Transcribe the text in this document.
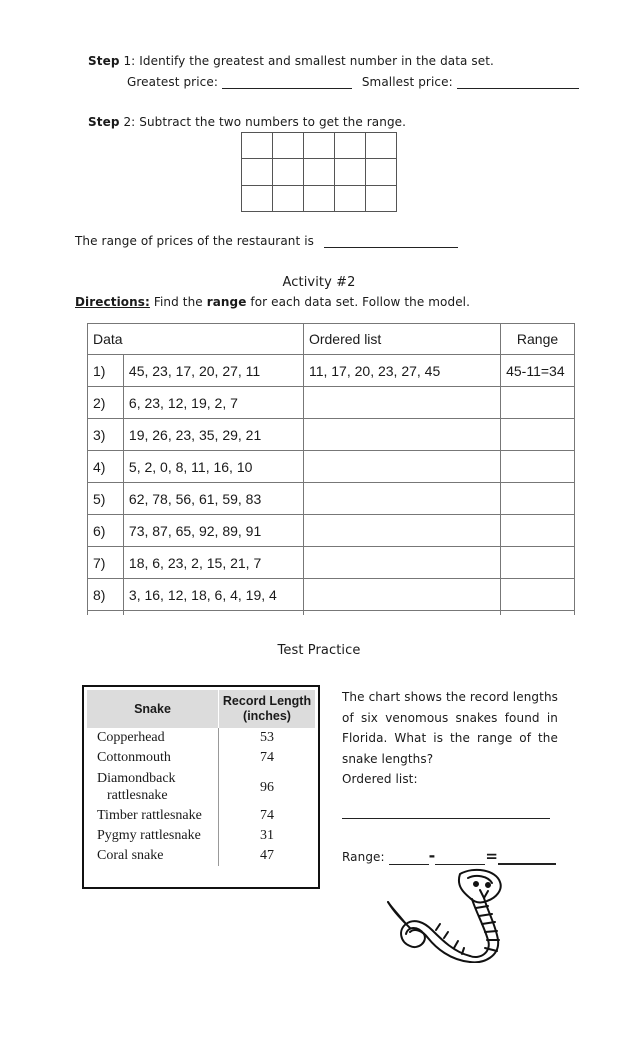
Step 1: Identify the greatest and smallest number in the data set.
Greatest price:	Smallest price:
Step 2: Subtract the two numbers to get the range.

The range of prices of the restaurant is
Activity #2
Directions: Find the range for each data set. Follow the model.
Data		Ordered list	Range
1)	45, 23, 17, 20, 27, 11	11, 17, 20, 23, 27, 45	45-11=34
2)	6, 23, 12, 19, 2, 7		
3)	19, 26, 23, 35, 29, 21		
4)	5, 2, 0, 8, 11, 16, 10		
5)	62, 78, 56, 61, 59, 83		
6)	73, 87, 65, 92, 89, 91		
7)	18, 6, 23, 2, 15, 21, 7		
8)	3, 16, 12, 18, 6, 4, 19, 4		

Test Practice
Snake	Record Length
(inches)
Copperhead	53
Cottonmouth	74
Diamondback
rattlesnake	96
Timber rattlesnake	74
Pygmy rattlesnake	31
Coral snake	47
The chart shows the record lengths
of six venomous snakes found in
Florida. What is the range of the
snake lengths?
Ordered list:
Range:	-	=
